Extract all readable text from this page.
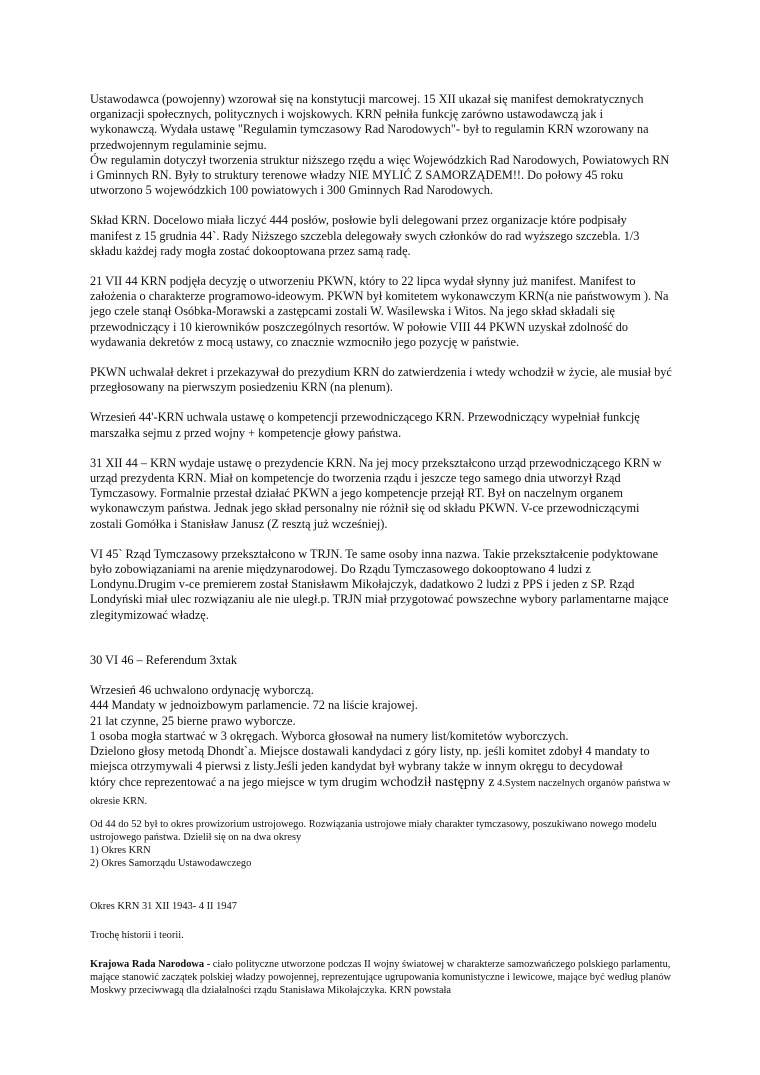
Ustawodawca (powojenny) wzorował się na konstytucji marcowej. 15 XII ukazał się manifest demokratycznych organizacji społecznych, politycznych i wojskowych. KRN pełniła funkcję zarówno ustawodawczą jak i wykonawczą. Wydała ustawę "Regulamin tymczasowy Rad Narodowych"- był to regulamin KRN wzorowany na przedwojennym regulaminie sejmu.

Ów regulamin dotyczył tworzenia struktur niższego rzędu a więc Wojewódzkich Rad Narodowych, Powiatowych RN i Gminnych RN. Były to struktury terenowe władzy NIE MYLIĆ Z SAMORZĄDEM!!. Do połowy 45 roku utworzono 5 wojewódzkich 100 powiatowych i 300 Gminnych Rad Narodowych.

Skład KRN. Docelowo miała liczyć 444 posłów, posłowie byli delegowani przez organizacje które podpisały manifest z 15 grudnia 44`. Rady Niższego szczebla delegowały swych członków do rad wyższego szczebla. 1/3 składu każdej rady mogła zostać dokooptowana przez samą radę.

21 VII 44 KRN podjęła decyzję o utworzeniu PKWN, który to 22 lipca wydał słynny już manifest. Manifest to założenia o charakterze programowo-ideowym. PKWN był komitetem wykonawczym KRN(a nie państwowym ). Na jego czele stanął Osóbka-Morawski a zastępcami zostali W. Wasilewska i Witos. Na jego skład składali się przewodniczący i 10 kierowników poszczególnych resortów. W połowie VIII 44 PKWN uzyskał zdolność do wydawania dekretów z mocą ustawy, co znacznie wzmocniło jego pozycję w państwie.

PKWN uchwalał dekret i przekazywał do prezydium KRN do zatwierdzenia i wtedy wchodził w życie, ale musiał być przegłosowany na pierwszym posiedzeniu KRN (na plenum).

Wrzesień 44'-KRN uchwala ustawę o kompetencji przewodniczącego KRN. Przewodniczący wypełniał funkcję marszałka sejmu z przed wojny + kompetencje głowy państwa.

31 XII 44 – KRN wydaje ustawę o prezydencie KRN. Na jej mocy przekształcono urząd przewodniczącego KRN w urząd prezydenta KRN. Miał on kompetencje do tworzenia rządu i jeszcze tego samego dnia utworzył Rząd Tymczasowy. Formalnie przestał działać PKWN a jego kompetencje przejął RT. Był on naczelnym organem wykonawczym państwa. Jednak jego skład personalny nie różnił się od składu PKWN. V-ce przewodniczącymi zostali Gomółka i Stanisław Janusz (Z resztą już wcześniej).

VI 45` Rząd Tymczasowy przekształcono w TRJN. Te same osoby inna nazwa. Takie przekształcenie podyktowane było zobowiązaniami na arenie międzynarodowej. Do Rządu Tymczasowego dokooptowano 4 ludzi z Londynu.Drugim v-ce premierem został Stanisławm Mikołajczyk, dadatkowo 2 ludzi z PPS i jeden z SP. Rząd Londyński miał ulec rozwiązaniu ale nie uległ.p. TRJN miał przygotować powszechne wybory parlamentarne mające zlegitymizować władzę.

30 VI 46 – Referendum 3xtak

Wrzesień 46 uchwalono ordynację wyborczą.

444 Mandaty w jednoizbowym parlamencie. 72 na liście krajowej.

21 lat czynne, 25 bierne prawo wyborcze.

1 osoba mogła startwać w 3 okręgach. Wyborca głosował na numery list/komitetów wyborczych.

Dzielono głosy metodą Dhondt`a. Miejsce dostawali kandydaci z góry listy, np. jeśli komitet zdobył 4 mandaty to miejsca otrzymywali 4 pierwsi z listy.Jeśli jeden kandydat był wybrany także w innym okręgu to decydował

który chce reprezentować a na jego miejsce w tym drugim wchodził następny z 4.System naczelnych organów państwa w okresie KRN.

Od 44 do 52 był to okres prowizorium ustrojowego. Rozwiązania ustrojowe miały charakter tymczasowy, poszukiwano nowego modelu ustrojowego państwa. Dzielił się on na dwa okresy

1) Okres KRN

2) Okres Samorządu Ustawodawczego

Okres KRN 31 XII 1943- 4 II 1947

Trochę historii i teorii.

Krajowa Rada Narodowa - ciało polityczne utworzone podczas II wojny światowej w charakterze samozwańczego polskiego parlamentu, mające stanowić zaczątek polskiej władzy powojennej, reprezentujące ugrupowania komunistyczne i lewicowe, mające być według planów Moskwy przeciwwagą dla działalności rządu Stanisława Mikołajczyka. KRN powstała
